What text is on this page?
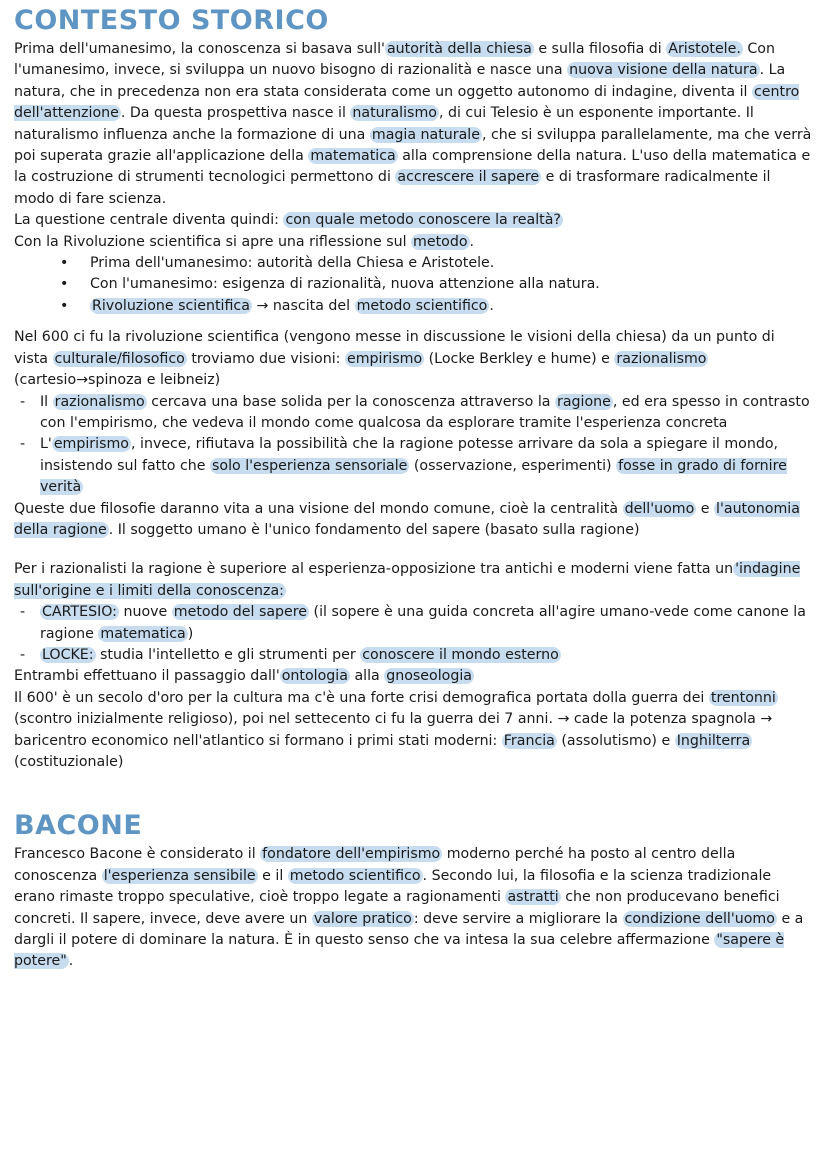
CONTESTO STORICO

Prima dell'umanesimo, la conoscenza si basava sull' autorità della chiesa e sulla filosofia di Aristotele. Con l'umanesimo, invece, si sviluppa un nuovo bisogno di razionalità e nasce una nuova visione della natura . La natura, che in precedenza non era stata considerata come un oggetto autonomo di indagine, diventa il centro dell'attenzione . Da questa prospettiva nasce il naturalismo , di cui Telesio è un esponente importante. Il naturalismo influenza anche la formazione di una magia naturale , che si sviluppa parallelamente, ma che verrà poi superata grazie all'applicazione della matematica alla comprensione della natura. L'uso della matematica e la costruzione di strumenti tecnologici permettono di accrescere il sapere e di trasformare radicalmente il modo di fare scienza.

La questione centrale diventa quindi: con quale metodo conoscere la realtà?

Con la Rivoluzione scientifica si apre una riflessione sul metodo .

• Prima dell'umanesimo: autorità della Chiesa e Aristotele.
• Con l'umanesimo: esigenza di razionalità, nuova attenzione alla natura.
• Rivoluzione scientifica → nascita del metodo scientifico .

Nel 600 ci fu la rivoluzione scientifica (vengono messe in discussione le visioni della chiesa) da un punto di vista culturale/filosofico troviamo due visioni: empirismo (Locke Berkley e hume) e razionalismo (cartesio→spinoza e leibneiz)

- Il razionalismo cercava una base solida per la conoscenza attraverso la ragione , ed era spesso in contrasto con l'empirismo, che vedeva il mondo come qualcosa da esplorare tramite l'esperienza concreta
- L' empirismo , invece, rifiutava la possibilità che la ragione potesse arrivare da sola a spiegare il mondo, insistendo sul fatto che solo l'esperienza sensoriale (osservazione, esperimenti) fosse in grado di fornire verità

Queste due filosofie daranno vita a una visione del mondo comune, cioè la centralità dell'uomo e l'autonomia della ragione . Il soggetto umano è l'unico fondamento del sapere (basato sulla ragione)

Per i razionalisti la ragione è superiore al esperienza-opposizione tra antichi e moderni viene fatta un 'indagine sull'origine e i limiti della conoscenza:

- CARTESIO: nuove metodo del sapere (il sopere è una guida concreta all'agire umano-vede come canone la ragione matematica )
- LOCKE: studia l'intelletto e gli strumenti per conoscere il mondo esterno

Entrambi effettuano il passaggio dall' ontologia alla gnoseologia

Il 600' è un secolo d'oro per la cultura ma c'è una forte crisi demografica portata dolla guerra dei trentonni (scontro inizialmente religioso), poi nel settecento ci fu la guerra dei 7 anni. → cade la potenza spagnola → baricentro economico nell'atlantico si formano i primi stati moderni: Francia (assolutismo) e Inghilterra (costituzionale)

BACONE

Francesco Bacone è considerato il fondatore dell'empirismo moderno perché ha posto al centro della conoscenza l'esperienza sensibile e il metodo scientifico . Secondo lui, la filosofia e la scienza tradizionale erano rimaste troppo speculative, cioè troppo legate a ragionamenti astratti che non producevano benefici concreti. Il sapere, invece, deve avere un valore pratico : deve servire a migliorare la condizione dell'uomo e a dargli il potere di dominare la natura. È in questo senso che va intesa la sua celebre affermazione "sapere è potere" .
